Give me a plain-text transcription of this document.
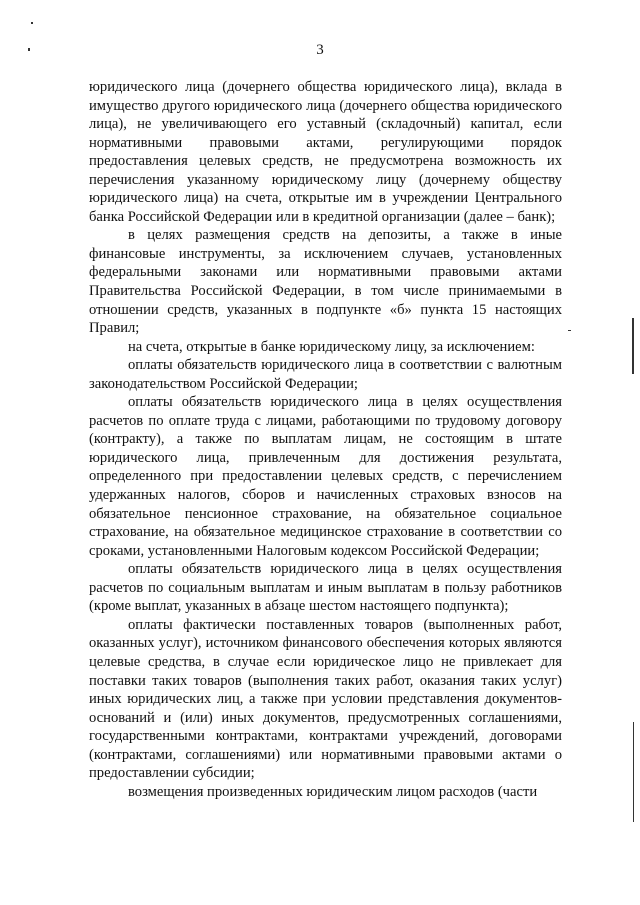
3

юридического лица (дочернего общества юридического лица), вклада в имущество другого юридического лица (дочернего общества юридического лица), не увеличивающего его уставный (складочный) капитал, если нормативными правовыми актами, регулирующими порядок предоставления целевых средств, не предусмотрена возможность их перечисления указанному юридическому лицу (дочернему обществу юридического лица) на счета, открытые им в учреждении Центрального банка Российской Федерации или в кредитной организации (далее – банк);

в целях размещения средств на депозиты, а также в иные финансовые инструменты, за исключением случаев, установленных федеральными законами или нормативными правовыми актами Правительства Российской Федерации, в том числе принимаемыми в отношении средств, указанных в подпункте «б» пункта 15 настоящих Правил;

на счета, открытые в банке юридическому лицу, за исключением:

оплаты обязательств юридического лица в соответствии с валютным законодательством Российской Федерации;

оплаты обязательств юридического лица в целях осуществления расчетов по оплате труда с лицами, работающими по трудовому договору (контракту), а также по выплатам лицам, не состоящим в штате юридического лица, привлеченным для достижения результата, определенного при предоставлении целевых средств, с перечислением удержанных налогов, сборов и начисленных страховых взносов на обязательное пенсионное страхование, на обязательное социальное страхование, на обязательное медицинское страхование в соответствии со сроками, установленными Налоговым кодексом Российской Федерации;

оплаты обязательств юридического лица в целях осуществления расчетов по социальным выплатам и иным выплатам в пользу работников (кроме выплат, указанных в абзаце шестом настоящего подпункта);

оплаты фактически поставленных товаров (выполненных работ, оказанных услуг), источником финансового обеспечения которых являются целевые средства, в случае если юридическое лицо не привлекает для поставки таких товаров (выполнения таких работ, оказания таких услуг) иных юридических лиц, а также при условии представления документов-оснований и (или) иных документов, предусмотренных соглашениями, государственными контрактами, контрактами учреждений, договорами (контрактами, соглашениями) или нормативными правовыми актами о предоставлении субсидии;

возмещения произведенных юридическим лицом расходов (части
